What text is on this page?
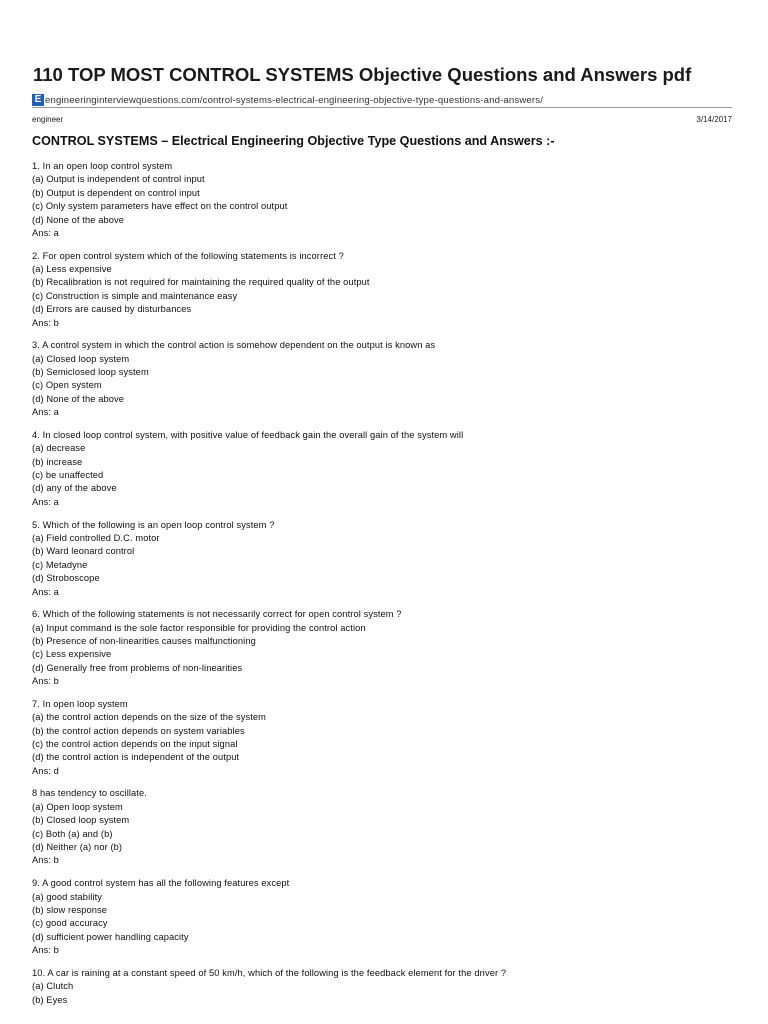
110 TOP MOST CONTROL SYSTEMS Objective Questions and Answers pdf
E engineeringinterviewquestions.com/control-systems-electrical-engineering-objective-type-questions-and-answers/
engineer	3/14/2017
CONTROL SYSTEMS – Electrical Engineering Objective Type Questions and Answers :-
1. In an open loop control system
(a) Output is independent of control input
(b) Output is dependent on control input
(c) Only system parameters have effect on the control output
(d) None of the above
Ans: a
2. For open control system which of the following statements is incorrect ?
(a) Less expensive
(b) Recalibration is not required for maintaining the required quality of the output
(c) Construction is simple and maintenance easy
(d) Errors are caused by disturbances
Ans: b
3. A control system in which the control action is somehow dependent on the output is known as
(a) Closed loop system
(b) Semiclosed loop system
(c) Open system
(d) None of the above
Ans: a
4. In closed loop control system, with positive value of feedback gain the overall gain of the system will
(a) decrease
(b) increase
(c) be unaffected
(d) any of the above
Ans: a
5. Which of the following is an open loop control system ?
(a) Field controlled D.C. motor
(b) Ward leonard control
(c) Metadyne
(d) Stroboscope
Ans: a
6. Which of the following statements is not necessarily correct for open control system ?
(a) Input command is the sole factor responsible for providing the control action
(b) Presence of non-linearities causes malfunctioning
(c) Less expensive
(d) Generally free from problems of non-linearities
Ans: b
7. In open loop system
(a) the control action depends on the size of the system
(b) the control action depends on system variables
(c) the control action depends on the input signal
(d) the control action is independent of the output
Ans: d
8 has tendency to oscillate.
(a) Open loop system
(b) Closed loop system
(c) Both (a) and (b)
(d) Neither (a) nor (b)
Ans: b
9. A good control system has all the following features except
(a) good stability
(b) slow response
(c) good accuracy
(d) sufficient power handling capacity
Ans: b
10. A car is raining at a constant speed of 50 km/h, which of the following is the feedback element for the driver ?
(a) Clutch
(b) Eyes
